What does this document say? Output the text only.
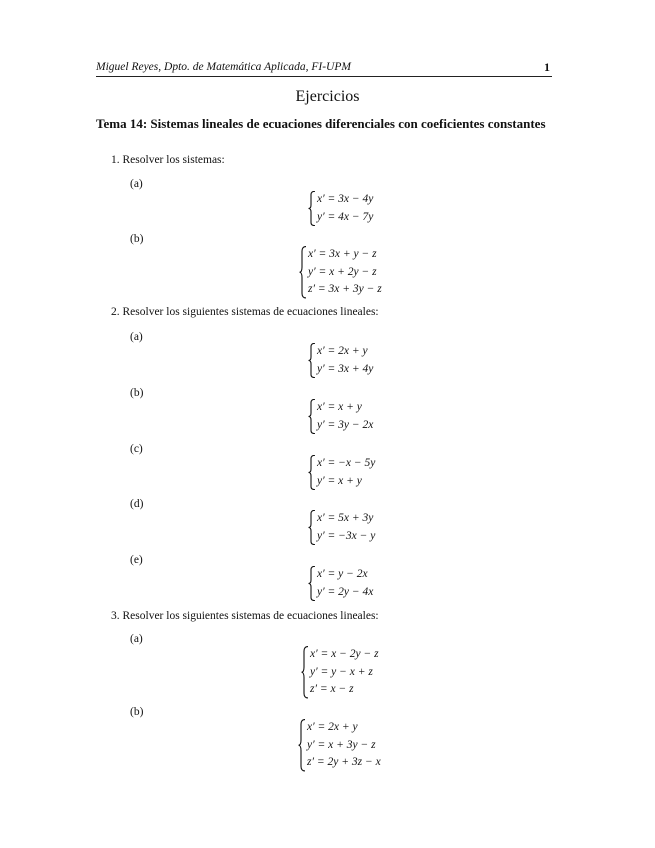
Miguel Reyes, Dpto. de Matemática Aplicada, FI-UPM	1
Ejercicios
Tema 14: Sistemas lineales de ecuaciones diferenciales con coeficientes constantes
1. Resolver los sistemas:
(a)
x′ = 3x − 4y
y′ = 4x − 7y
(b)
x′ = 3x + y − z
y′ = x + 2y − z
z′ = 3x + 3y − z
2. Resolver los siguientes sistemas de ecuaciones lineales:
(a)
x′ = 2x + y
y′ = 3x + 4y
(b)
x′ = x + y
y′ = 3y − 2x
(c)
x′ = −x − 5y
y′ = x + y
(d)
x′ = 5x + 3y
y′ = −3x − y
(e)
x′ = y − 2x
y′ = 2y − 4x
3. Resolver los siguientes sistemas de ecuaciones lineales:
(a)
x′ = x − 2y − z
y′ = y − x + z
z′ = x − z
(b)
x′ = 2x + y
y′ = x + 3y − z
z′ = 2y + 3z − x
